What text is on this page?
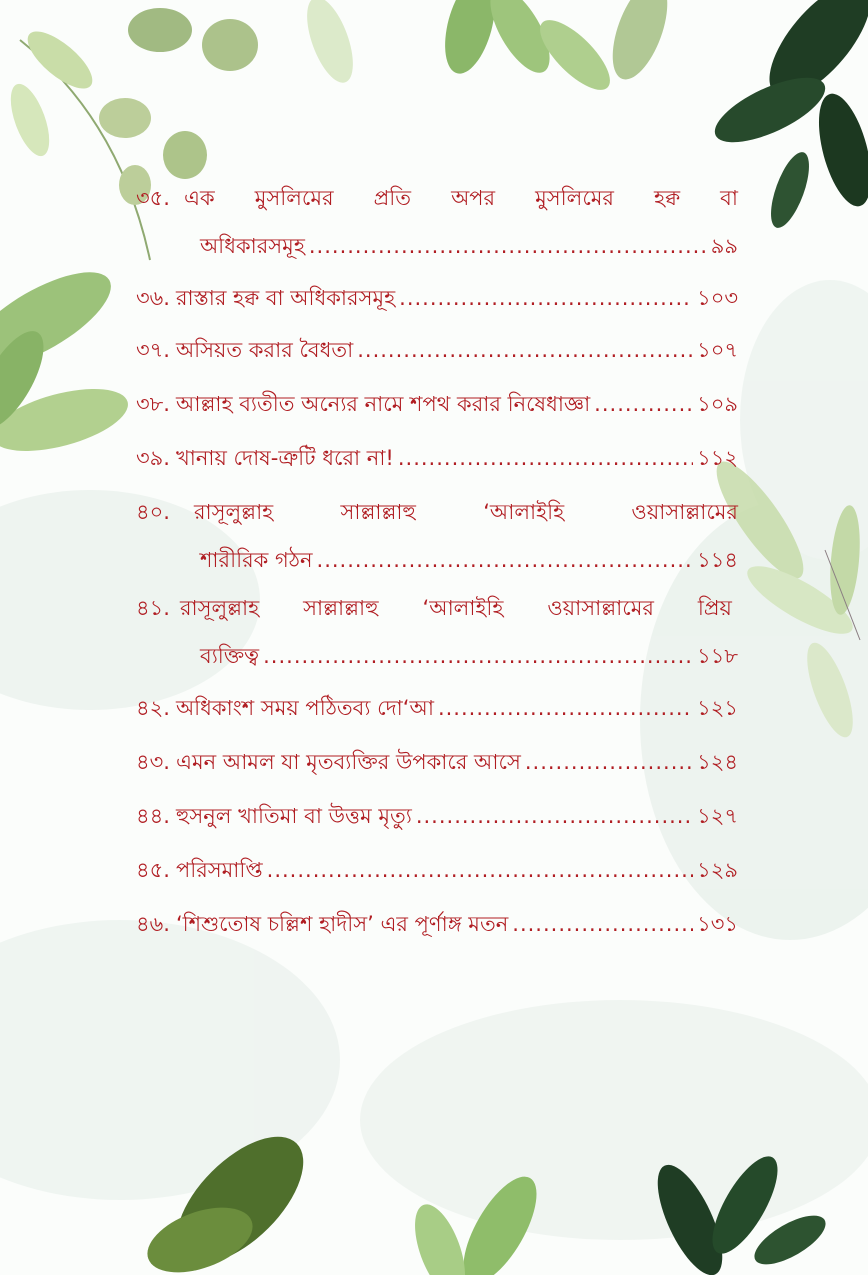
৩৫. এক মুসলিমের প্রতি অপর মুসলিমের হক্ব বা
অধিকারসমূহ .....	৯৯
৩৬. রাস্তার হক্ব বা অধিকারসমূহ .....	১০৩
৩৭. অসিয়ত করার বৈধতা .....	১০৭
৩৮. আল্লাহ ব্যতীত অন্যের নামে শপথ করার নিষেধাজ্ঞা .....	১০৯
৩৯. খানায় দোষ-ত্রুটি ধরো না! .....	১১২
৪০. রাসূলুল্লাহ	সাল্লাল্লাহু	‘আলাইহি	ওয়াসাল্লামের
শারীরিক গঠন .....	১১৪
৪১. রাসূলুল্লাহ সাল্লাল্লাহু ‘আলাইহি ওয়াসাল্লামের প্রিয়
ব্যক্তিত্ব .....	১১৮
৪২. অধিকাংশ সময় পঠিতব্য দো‘আ .....	১২১
৪৩. এমন আমল যা মৃতব্যক্তির উপকারে আসে .....	১২৪
৪৪. হুসনুল খাতিমা বা উত্তম মৃত্যু .....	১২৭
৪৫. পরিসমাপ্তি .....	১২৯
৪৬. ‘শিশুতোষ চল্লিশ হাদীস’ এর পূর্ণাঙ্গ মতন .....	১৩১
